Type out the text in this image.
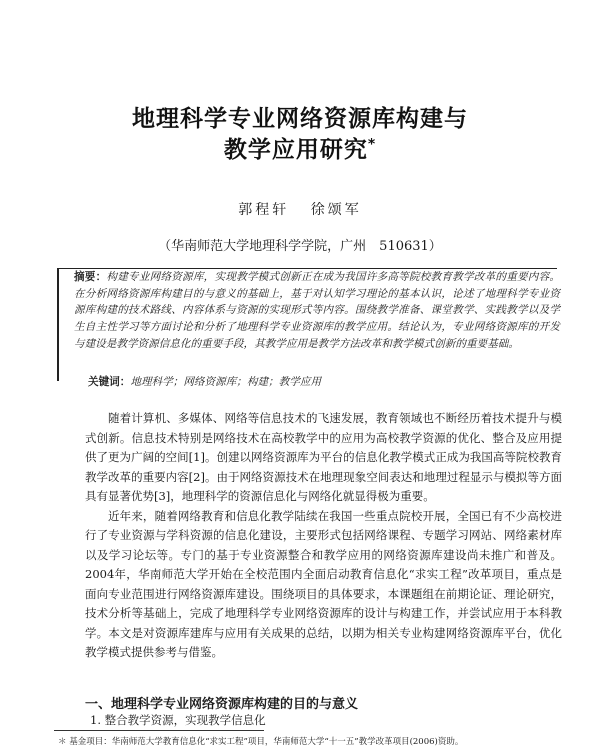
地理科学专业网络资源库构建与
教学应用研究*
郭程轩 徐颂军
（华南师范大学地理科学学院，广州　510631）
摘要：构建专业网络资源库，实现教学模式创新正在成为我国许多高等院校教育教学改革的重要内容。在分析网络资源库构建目的与意义的基础上，基于对认知学习理论的基本认识，论述了地理科学专业资源库构建的技术路线、内容体系与资源的实现形式等内容。围绕教学准备、课堂教学、实践教学以及学生自主性学习等方面讨论和分析了地理科学专业资源库的教学应用。结论认为，专业网络资源库的开发与建设是教学资源信息化的重要手段，其教学应用是教学方法改革和教学模式创新的重要基础。
关键词：地理科学；网络资源库；构建；教学应用

随着计算机、多媒体、网络等信息技术的飞速发展，教育领域也不断经历着技术提升与模式创新。信息技术特别是网络技术在高校教学中的应用为高校教学资源的优化、整合及应用提供了更为广阔的空间[1]。创建以网络资源库为平台的信息化教学模式正成为我国高等院校教育教学改革的重要内容[2]。由于网络资源技术在地理现象空间表达和地理过程显示与模拟等方面具有显著优势[3]，地理科学的资源信息化与网络化就显得极为重要。

近年来，随着网络教育和信息化教学陆续在我国一些重点院校开展，全国已有不少高校进行了专业资源与学科资源的信息化建设，主要形式包括网络课程、专题学习网站、网络素材库以及学习论坛等。专门的基于专业资源整合和教学应用的网络资源库建设尚未推广和普及。2004年，华南师范大学开始在全校范围内全面启动教育信息化“求实工程”改革项目，重点是面向专业范围进行网络资源库建设。围绕项目的具体要求，本课题组在前期论证、理论研究，技术分析等基础上，完成了地理科学专业网络资源库的设计与构建工作，并尝试应用于本科教学。本文是对资源库建库与应用有关成果的总结，以期为相关专业构建网络资源库平台，优化教学模式提供参考与借鉴。

一、地理科学专业网络资源库构建的目的与意义
1. 整合教学资源，实现教学信息化
＊ 基金项目：华南师范大学教育信息化“求实工程”项目，华南师范大学“十一五”教学改革项目(2006)资助。
